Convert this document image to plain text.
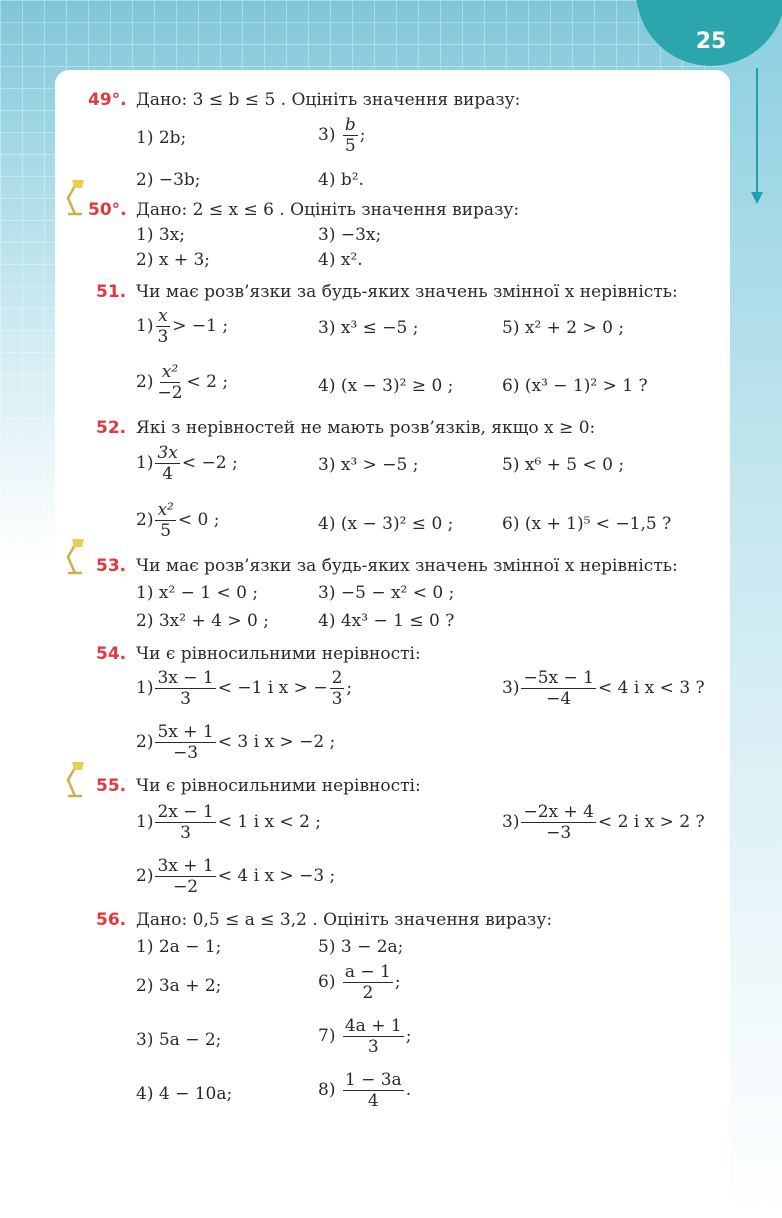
25
49°. Дано: 3 ≤ b ≤ 5 . Оцініть значення виразу:
1) 2b;	$3) \frac{b}{5}$ ;
2) −3b;	4) b².
50°. Дано: 2 ≤ x ≤ 6 . Оцініть значення виразу:
1) 3x;	3) −3x;
2) x + 3;	4) x².
51. Чи має розв’язки за будь-яких значень змінної x нерівність:
$1) \frac{x}{3} > -1$ ;	3) x³ ≤ −5 ;	5) x² + 2 > 0 ;
$2) \frac{\text{x²}}{-2} < 2$ ;	4) (x − 3)² ≥ 0 ;	6) (x³ − 1)² > 1 ?
52. Які з нерівностей не мають розв’язків, якщо x ≥ 0:
$1) \frac{3x}{4} < -2$ ;	3) x³ > −5 ;	5) x⁶ + 5 < 0 ;
$2) \frac{\text{x²}}{5} < 0$ ;	4) (x − 3)² ≤ 0 ;	6) (x + 1)⁵ < −1,5 ?
53. Чи має розв’язки за будь-яких значень змінної x нерівність:
1) x² − 1 < 0 ;	3) −5 − x² < 0 ;
2) 3x² + 4 > 0 ;	4) 4x³ − 1 ≤ 0 ?
54. Чи є рівносильними нерівності:
$1) \frac{3x - 1}{3} < -1$ і x > − $\frac{2}{3}$ ;	$3) \frac{-5x - 1}{-4} < 4$ і x < 3 ?
$2) \frac{5x + 1}{-3} < 3$ і x > −2 ;
55. Чи є рівносильними нерівності:
$1) \frac{2x - 1}{3} < 1$ і x < 2 ;	$3) \frac{-2x + 4}{-3} < 2$ і x > 2 ?
$2) \frac{3x + 1}{-2} < 4$ і x > −3 ;
56. Дано: 0,5 ≤ a ≤ 3,2 . Оцініть значення виразу:
1) 2a − 1;	5) 3 − 2a;
2) 3a + 2;	$6) \frac{a - 1}{2}$ ;
3) 5a − 2;	$7) \frac{4a + 1}{3}$ ;
4) 4 − 10a;	$8) \frac{1 - 3a}{4}$ .
